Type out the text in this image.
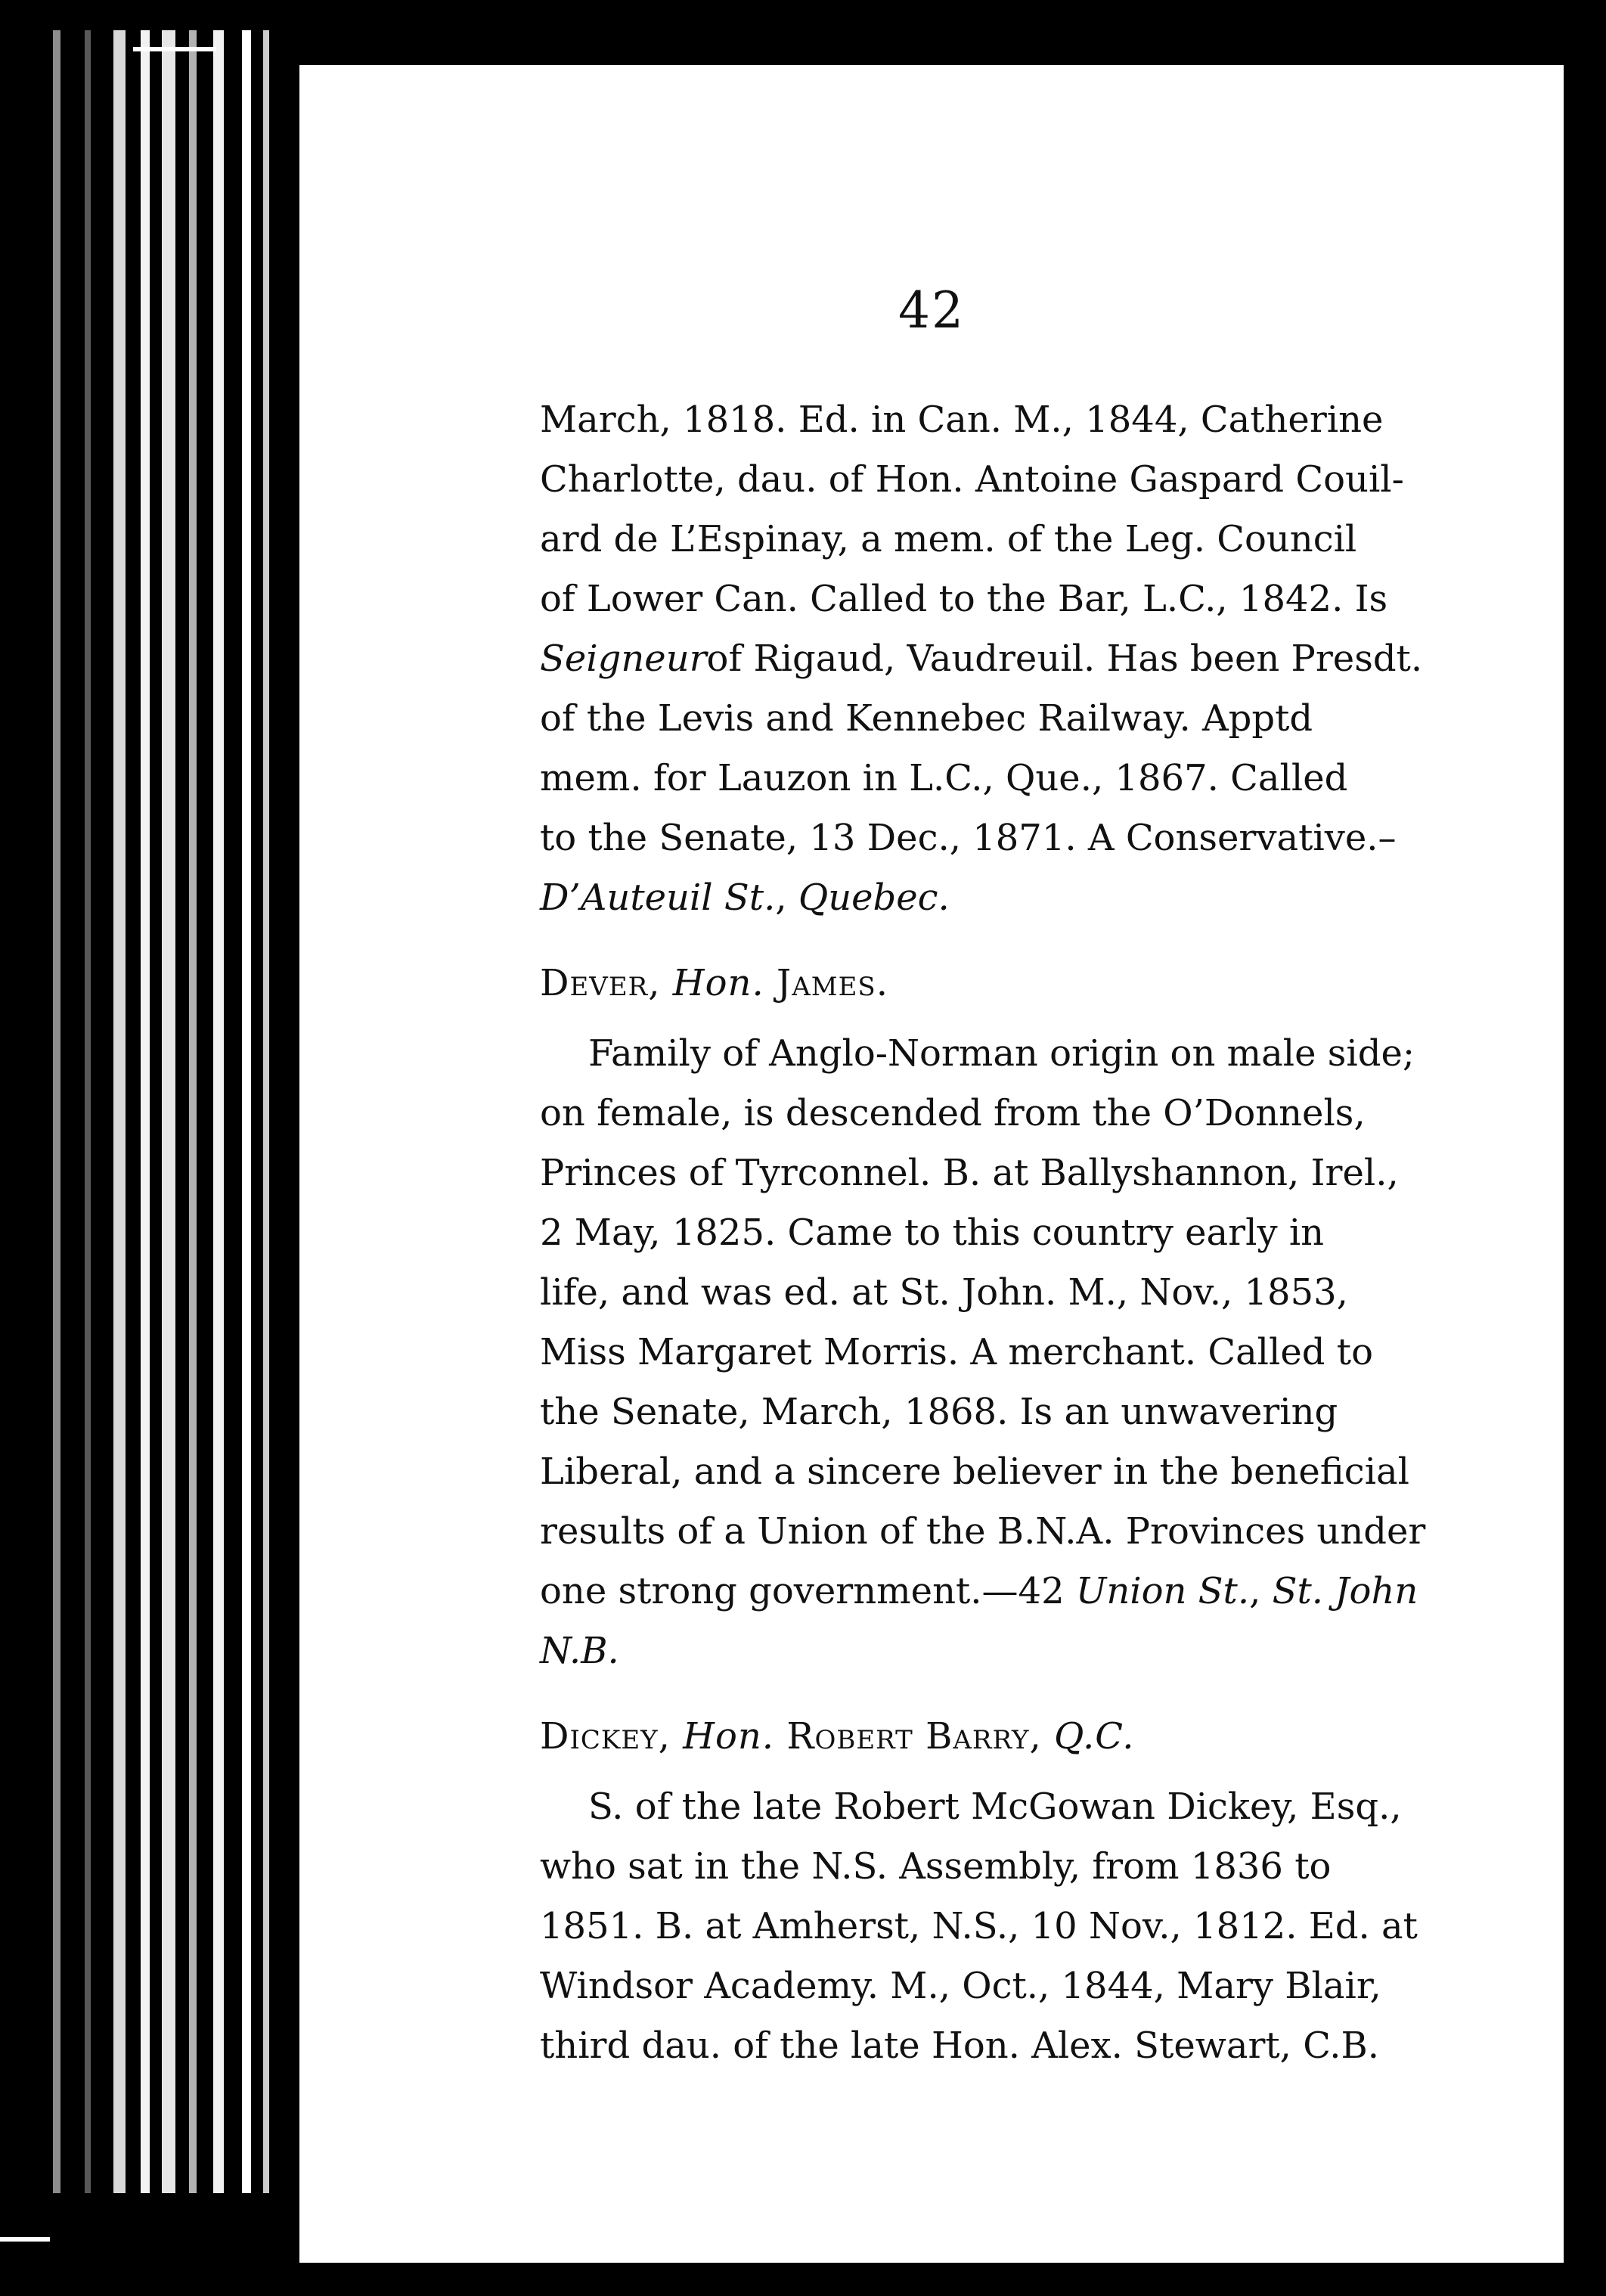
42
March, 1818. Ed. in Can. M., 1844, Catherine
Charlotte, dau. of Hon. Antoine Gaspard Couil-
ard de L’Espinay, a mem. of the Leg. Council
of Lower Can. Called to the Bar, L.C., 1842. Is
Seigneurof Rigaud, Vaudreuil. Has been Presdt.
of the Levis and Kennebec Railway. Apptd
mem. for Lauzon in L.C., Que., 1867. Called
to the Senate, 13 Dec., 1871. A Conservative.–
D’Auteuil St., Quebec.
Dever, Hon. James.
Family of Anglo-Norman origin on male side;
on female, is descended from the O’Donnels,
Princes of Tyrconnel. B. at Ballyshannon, Irel.,
2 May, 1825. Came to this country early in
life, and was ed. at St. John. M., Nov., 1853,
Miss Margaret Morris. A merchant. Called to
the Senate, March, 1868. Is an unwavering
Liberal, and a sincere believer in the beneficial
results of a Union of the B.N.A. Provinces under
one strong government.—42 Union St., St. John
N.B.
Dickey, Hon. Robert Barry, Q.C.
S. of the late Robert McGowan Dickey, Esq.,
who sat in the N.S. Assembly, from 1836 to
1851. B. at Amherst, N.S., 10 Nov., 1812. Ed. at
Windsor Academy. M., Oct., 1844, Mary Blair,
third dau. of the late Hon. Alex. Stewart, C.B.
